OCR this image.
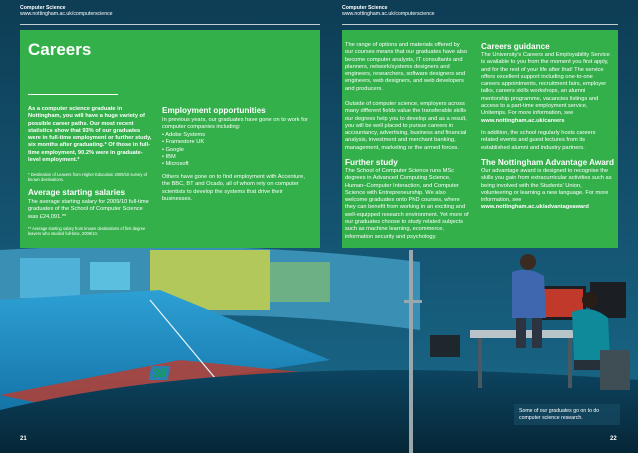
38
Computer Science
www.nottingham.ac.uk/computerscience
Computer Science
www.nottingham.ac.uk/computerscience
Careers

As a computer science graduate in Nottingham, you will have a huge variety of possible career paths. Our most recent statistics show that 93% of our graduates were in full-time employment or further study, six months after graduating.* Of those in full-time employment, 90.2% were in graduate-level employment.*

* Destination of Leavers from Higher Education 2009/10 survey of known destinations.

Average starting salaries

The average starting salary for 2009/10 full-time graduates of the School of Computer Science was £24,091.**

** Average starting salary from known destinations of first degree leavers who studied full-time, 2009/10.

Employment opportunities

In previous years, our graduates have gone on to work for computer companies including:

• Adobe Systems
• Framestore UK
• Google
• IBM
• Microsoft

Others have gone on to find employment with Accenture, the BBC, BT and Ocado, all of whom rely on computer scientists to develop the systems that drive their businesses.

The range of options and materials offered by our courses means that our graduates have also become computer analysts, IT consultants and planners, network/systems designers and engineers, researchers, software designers and engineers, web designers, and web developers and producers.

Outside of computer science, employers across many different fields value the transferable skills our degrees help you to develop and as a result, you will be well placed to pursue careers in accountancy, advertising, business and financial analysis, investment and merchant banking, management, marketing or the armed forces.

Further study

The School of Computer Science runs MSc degrees in Advanced Computing Science, Human–Computer Interaction, and Computer Science with Entrepreneurship. We also welcome graduates onto PhD courses, where they can benefit from working in an exciting and well-equipped research environment. Yet more of our graduates choose to study related subjects such as machine learning, ecommerce, information security and psychology.

Careers guidance

The University's Careers and Employability Service is available to you from the moment you first apply, and for the rest of your life after that! The service offers excellent support including one-to-one careers appointments, recruitment fairs, employer talks, careers skills workshops, an alumni mentorship programme, vacancies listings and access to a part-time employment service, Unitemps. For more information, see www.nottingham.ac.uk/careers

In addition, the school regularly hosts careers related events and guest lectures from its established alumni and industry partners.

The Nottingham Advantage Award

Our advantage award is designed to recognise the skills you gain from extracurricular activities such as being involved with the Students' Union, volunteering or learning a new language. For more information, see www.nottingham.ac.uk/advantageaward

Some of our graduates go on to do computer science research.
21	22
